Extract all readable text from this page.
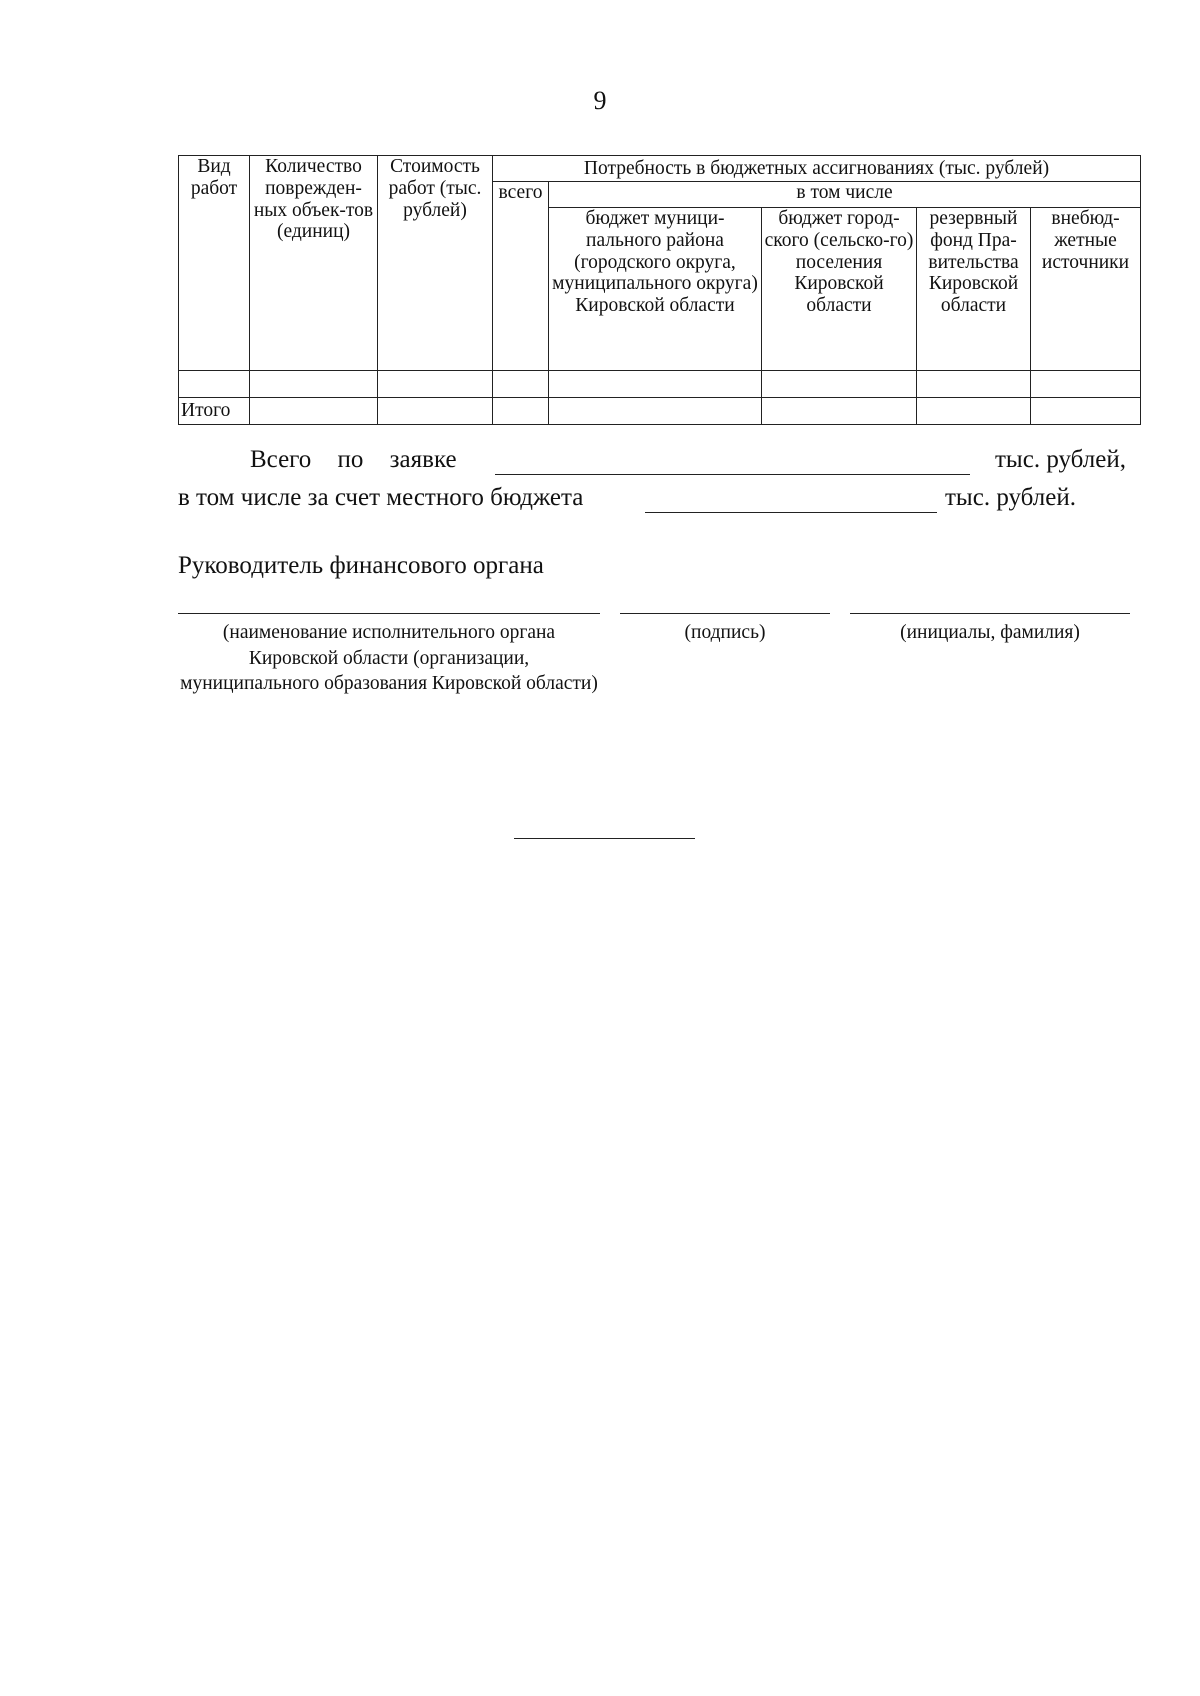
9
Вид работ	Количество поврежден-ных объек-тов (единиц)	Стоимость работ (тыс. рублей)	Потребность в бюджетных ассигнованиях (тыс. рублей)				
			всего	в том числе			
				бюджет муници-пального района (городского округа, муниципального округа) Кировской области	бюджет город-ского (сельско-го) поселения Кировской области	резервный фонд Пра-вительства Кировской области	внебюд-жетные источники

Итого							
Всего по заявке	тыс. рублей,
в том числе за счет местного бюджета	тыс. рублей.
Руководитель финансового органа
(наименование исполнительного органа Кировской области (организации, муниципального образования Кировской области)
(подпись)	(инициалы, фамилия)
